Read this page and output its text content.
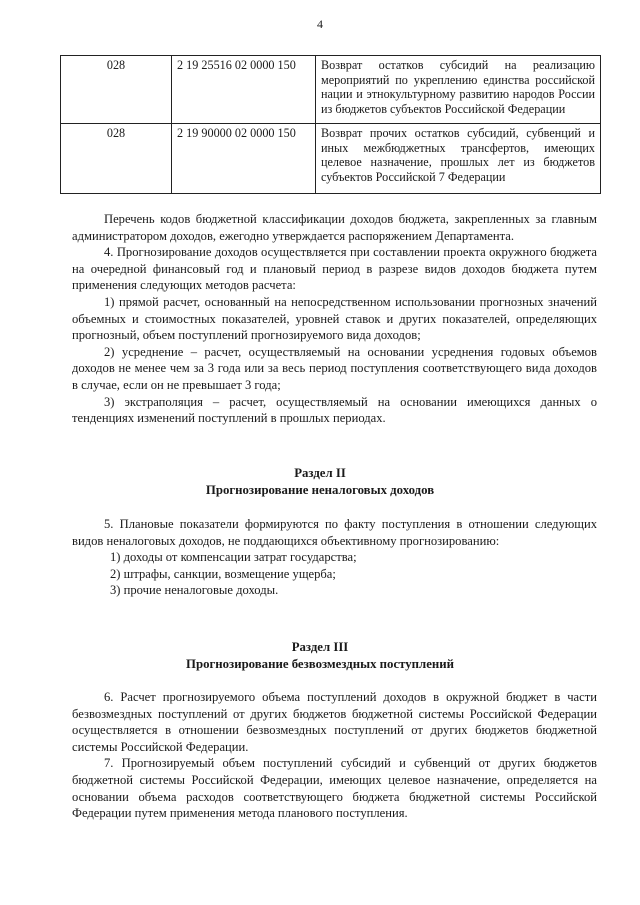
4
028	2 19 25516 02 0000 150	Возврат остатков субсидий на реализацию мероприятий по укреплению единства российской нации и этнокультурному развитию народов России из бюджетов субъектов Российской Федерации
028	2 19 90000 02 0000 150	Возврат прочих остатков субсидий, субвенций и иных межбюджетных трансфертов, имеющих целевое назначение, прошлых лет из бюджетов субъектов Российской 7 Федерации

Перечень кодов бюджетной классификации доходов бюджета, закрепленных за главным администратором доходов, ежегодно утверждается распоряжением Департамента.

4. Прогнозирование доходов осуществляется при составлении проекта окружного бюджета на очередной финансовый год и плановый период в разрезе видов доходов бюджета путем применения следующих методов расчета:

1) прямой расчет, основанный на непосредственном использовании прогнозных значений объемных и стоимостных показателей, уровней ставок и других показателей, определяющих прогнозный, объем поступлений прогнозируемого вида доходов;

2) усреднение – расчет, осуществляемый на основании усреднения годовых объемов доходов не менее чем за 3 года или за весь период поступления соответствующего вида доходов в случае, если он не превышает 3 года;

3) экстраполяция – расчет, осуществляемый на основании имеющихся данных о тенденциях изменений поступлений в прошлых периодах.

Раздел II
Прогнозирование неналоговых доходов

5. Плановые показатели формируются по факту поступления в отношении следующих видов неналоговых доходов, не поддающихся объективному прогнозированию:

1) доходы от компенсации затрат государства;

2) штрафы, санкции, возмещение ущерба;

3) прочие неналоговые доходы.

Раздел III
Прогнозирование безвозмездных поступлений

6. Расчет прогнозируемого объема поступлений доходов в окружной бюджет в части безвозмездных поступлений от других бюджетов бюджетной системы Российской Федерации осуществляется в отношении безвозмездных поступлений от других бюджетов бюджетной системы Российской Федерации.

7. Прогнозируемый объем поступлений субсидий и субвенций от других бюджетов бюджетной системы Российской Федерации, имеющих целевое назначение, определяется на основании объема расходов соответствующего бюджета бюджетной системы Российской Федерации путем применения метода планового поступления.
